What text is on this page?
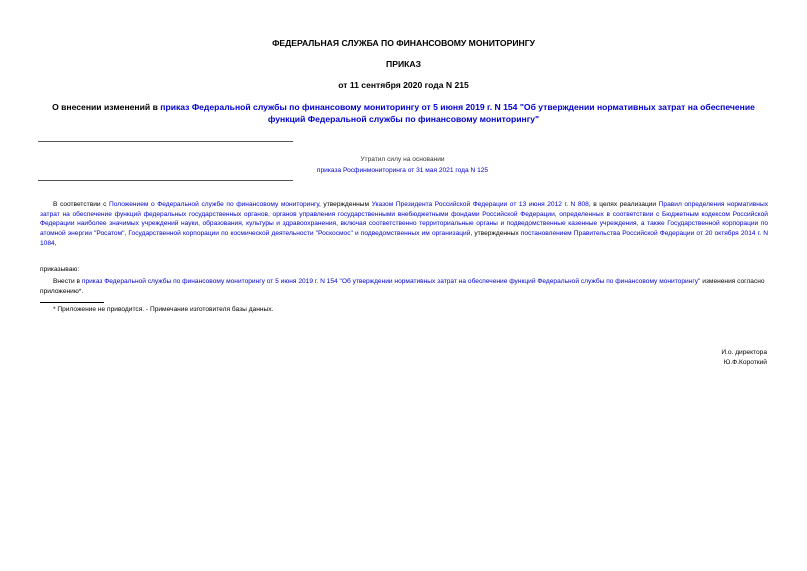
ФЕДЕРАЛЬНАЯ СЛУЖБА ПО ФИНАНСОВОМУ МОНИТОРИНГУ
ПРИКАЗ
от 11 сентября 2020 года N 215
О внесении изменений в приказ Федеральной службы по финансовому мониторингу от 5 июня 2019 г. N 154 "Об утверждении нормативных затрат на обеспечение функций Федеральной службы по финансовому мониторингу"
Утратил силу на основании
приказа Росфинмониторинга от 31 мая 2021 года N 125

В соответствии с Положением о Федеральной службе по финансовому мониторингу, утвержденным Указом Президента Российской Федерации от 13 июня 2012 г. N 808, в целях реализации Правил определения нормативных затрат на обеспечение функций федеральных государственных органов, органов управления государственными внебюджетными фондами Российской Федерации, определенных в соответствии с Бюджетным кодексом Российской Федерации наиболее значимых учреждений науки, образования, культуры и здравоохранения, включая соответственно территориальные органы и подведомственные казенные учреждения, а также Государственной корпорации по атомной энергии "Росатом", Государственной корпорации по космической деятельности "Роскосмос" и подведомственных им организаций, утвержденных постановлением Правительства Российской Федерации от 20 октября 2014 г. N 1084,

приказываю:

Внести в приказ Федеральной службы по финансовому мониторингу от 5 июня 2019 г. N 154 "Об утверждении нормативных затрат на обеспечение функций Федеральной службы по финансовому мониторингу" изменения согласно приложению*.

* Приложение не приводится. - Примечание изготовителя базы данных.
И.о. директора
Ю.Ф.Короткий
